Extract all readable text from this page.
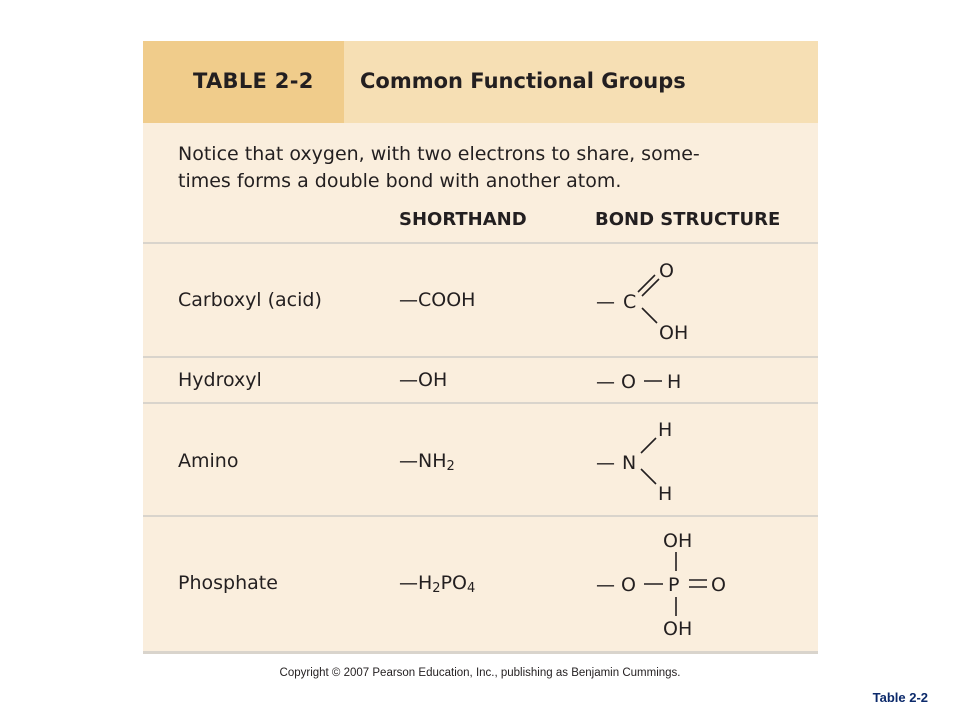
TABLE 2-2 Common Functional Groups
Notice that oxygen, with two electrons to share, some-
times forms a double bond with another atom.
SHORTHAND	BOND STRUCTURE
Carboxyl (acid)	—COOH	— C
O
OH
Hydroxyl	—OH	— O H
Amino	$—NH_2$	— N
H
H
Phosphate	$—H_2PO_4$	— O P O
OH
OH
Copyright © 2007 Pearson Education, Inc., publishing as Benjamin Cummings.
Table 2-2
